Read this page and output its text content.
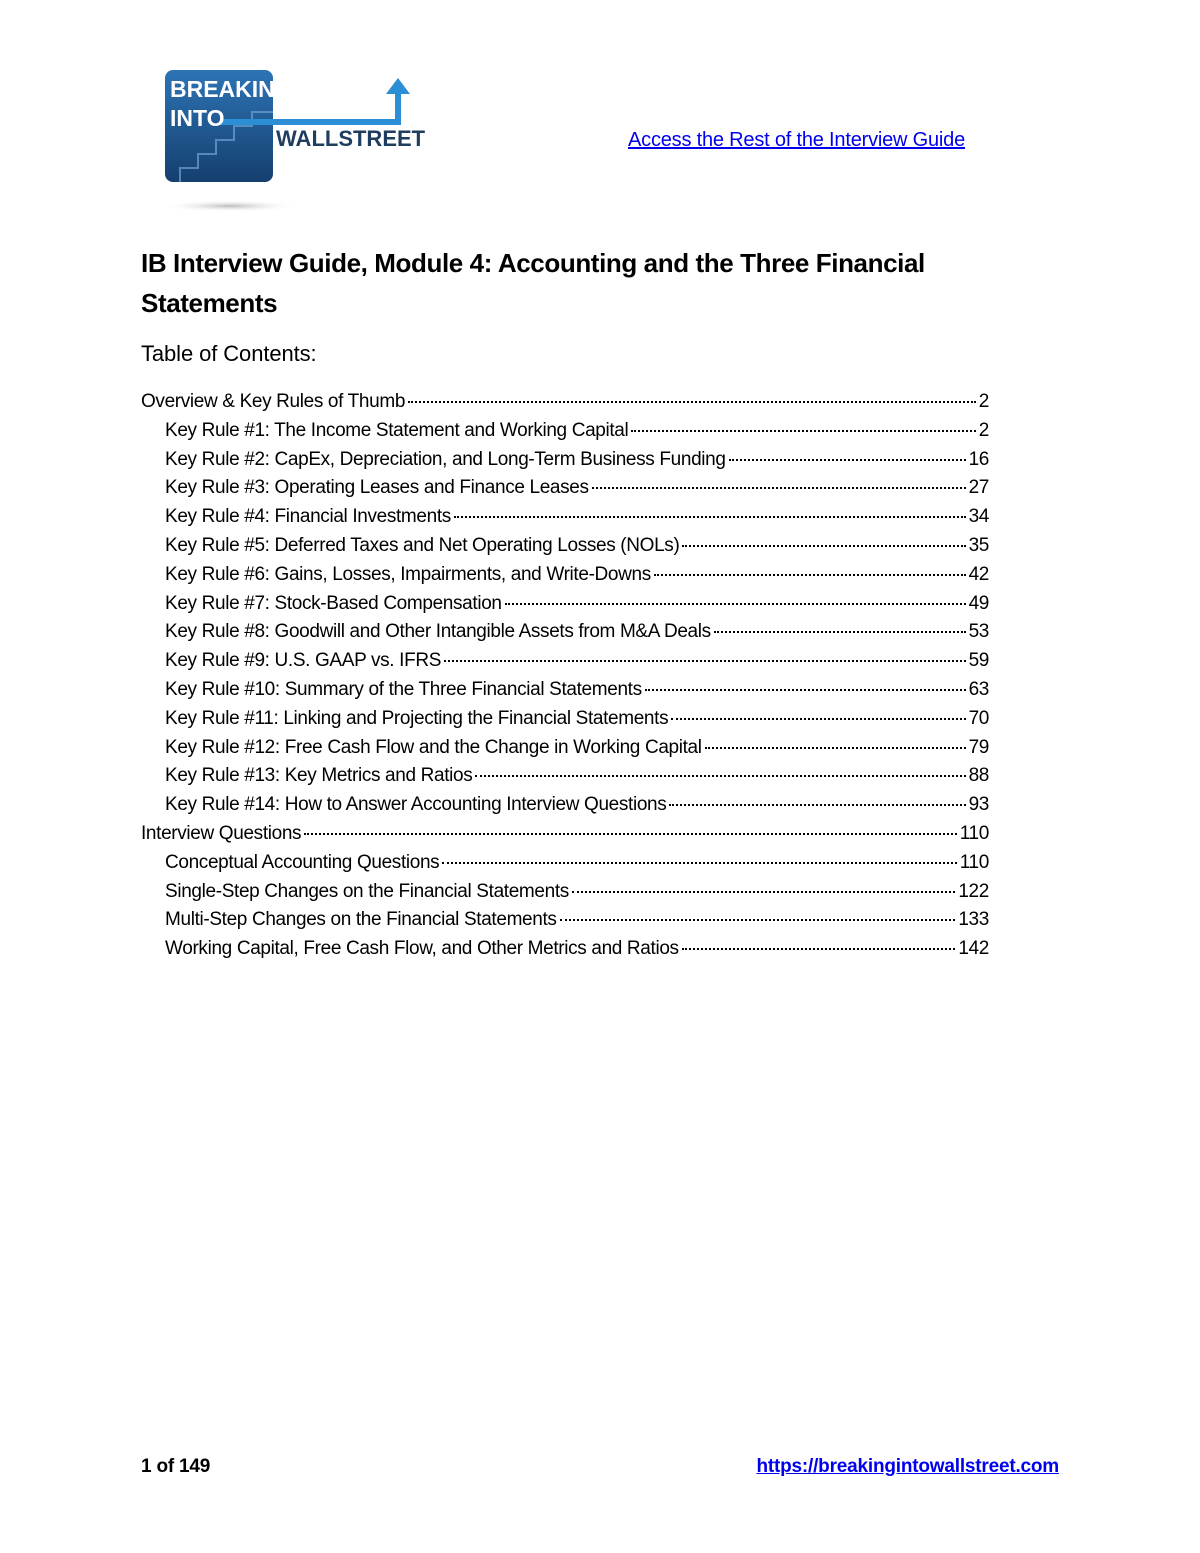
BREAKING
INTO
WALLSTREET	Access the Rest of the Interview Guide
IB Interview Guide, Module 4: Accounting and the Three Financial Statements
Table of Contents:
Overview & Key Rules of Thumb	2
Key Rule #1: The Income Statement and Working Capital	2
Key Rule #2: CapEx, Depreciation, and Long-Term Business Funding	16
Key Rule #3: Operating Leases and Finance Leases	27
Key Rule #4: Financial Investments	34
Key Rule #5: Deferred Taxes and Net Operating Losses (NOLs)	35
Key Rule #6: Gains, Losses, Impairments, and Write-Downs	42
Key Rule #7: Stock-Based Compensation	49
Key Rule #8: Goodwill and Other Intangible Assets from M&A Deals	53
Key Rule #9: U.S. GAAP vs. IFRS	59
Key Rule #10: Summary of the Three Financial Statements	63
Key Rule #11: Linking and Projecting the Financial Statements	70
Key Rule #12: Free Cash Flow and the Change in Working Capital	79
Key Rule #13: Key Metrics and Ratios	88
Key Rule #14: How to Answer Accounting Interview Questions	93
Interview Questions	110
Conceptual Accounting Questions	110
Single-Step Changes on the Financial Statements	122
Multi-Step Changes on the Financial Statements	133
Working Capital, Free Cash Flow, and Other Metrics and Ratios	142
1 of 149	https://breakingintowallstreet.com
